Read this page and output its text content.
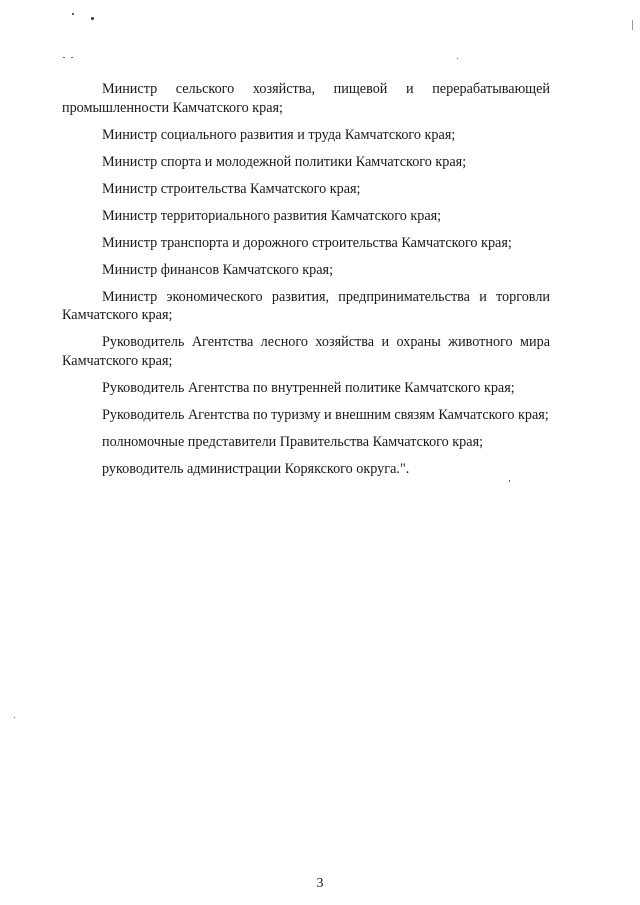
Министр сельского хозяйства, пищевой и перерабатывающей промышленности Камчатского края;

Министр социального развития и труда Камчатского края;

Министр спорта и молодежной политики Камчатского края;

Министр строительства Камчатского края;

Министр территориального развития Камчатского края;

Министр транспорта и дорожного строительства Камчатского края;

Министр финансов Камчатского края;

Министр экономического развития, предпринимательства и торговли Камчатского края;

Руководитель Агентства лесного хозяйства и охраны животного мира Камчатского края;

Руководитель Агентства по внутренней политике Камчатского края;

Руководитель Агентства по туризму и внешним связям Камчатского края;

полномочные представители Правительства Камчатского края;

руководитель администрации Корякского округа.".

3
